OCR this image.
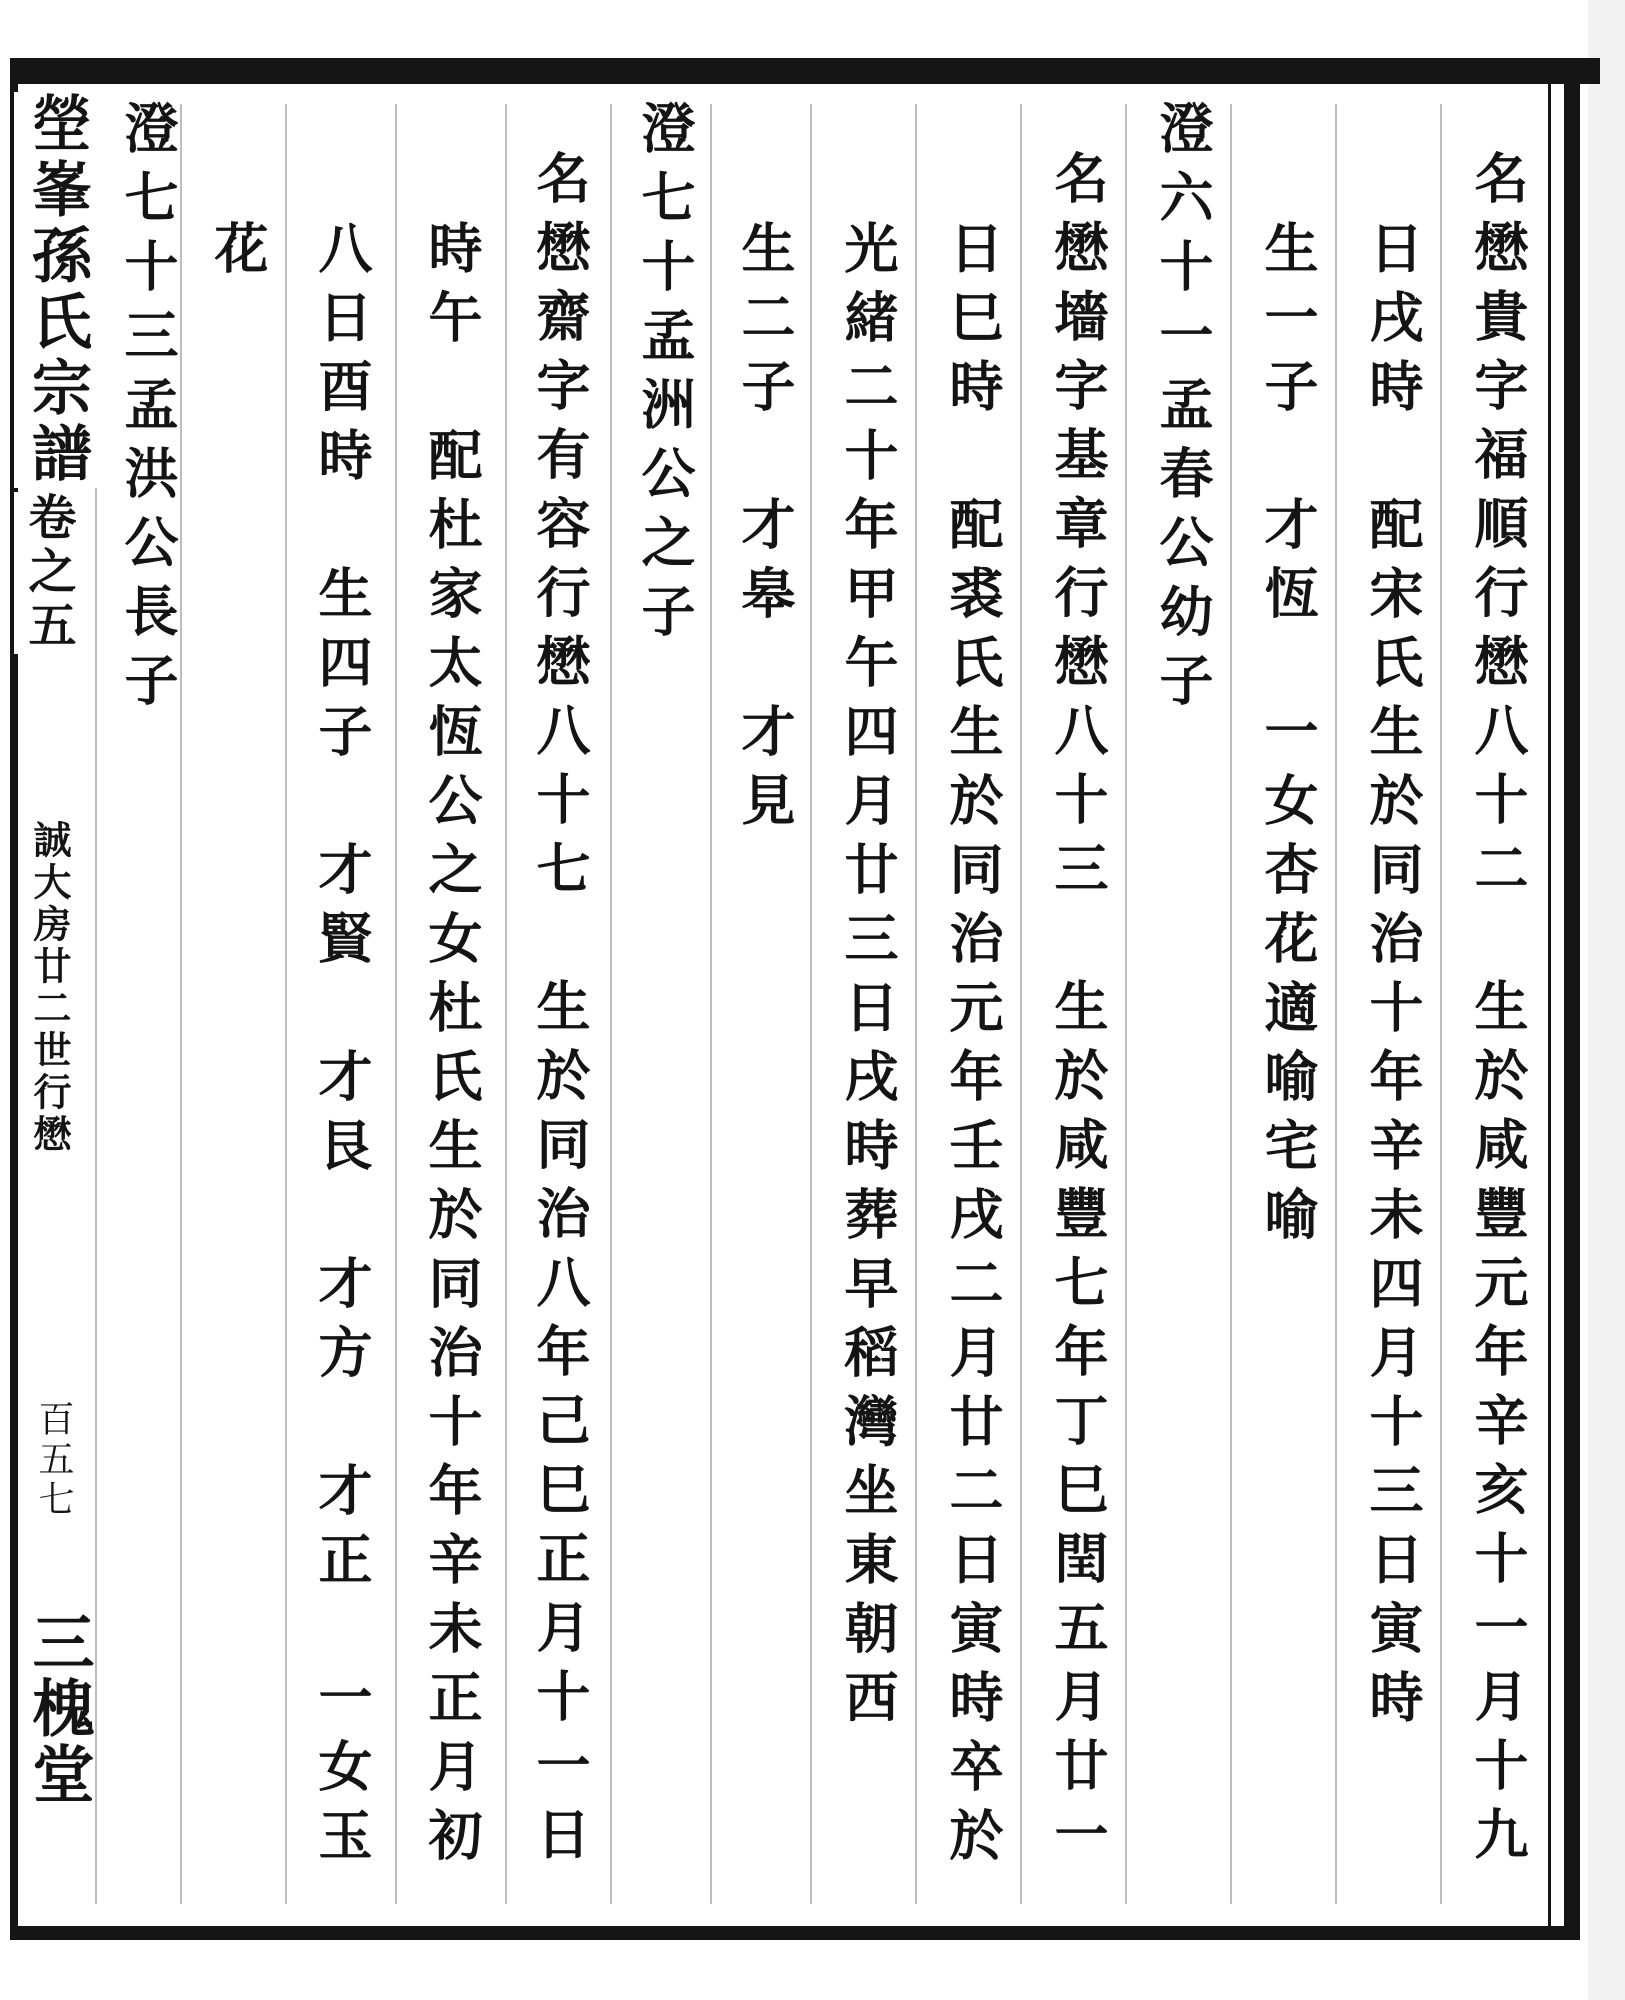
塋峯孫氏宗譜 卷之五
誠大房廿二世行懋
百五七
三槐堂	名懋貴字福順行懋八十二　生於咸豐元年辛亥十一月十九
日戌時　配宋氏生於同治十年辛未四月十三日寅時
生一子　才恆　一女杏花適喻宅喻
澄六十一孟春公幼子
名懋墻字基章行懋八十三　生於咸豐七年丁巳閏五月廿一
日巳時　配裘氏生於同治元年壬戌二月廿二日寅時卒於
光緒二十年甲午四月廿三日戌時葬早稻灣坐東朝西
生二子　才皋　才見
澄七十孟洲公之子
名懋齋字有容行懋八十七　生於同治八年己巳正月十一日
時午　配杜家太恆公之女杜氏生於同治十年辛未正月初
八日酉時　生四子　才賢　才艮　才方　才正　一女玉
花
澄七十三孟洪公長子
